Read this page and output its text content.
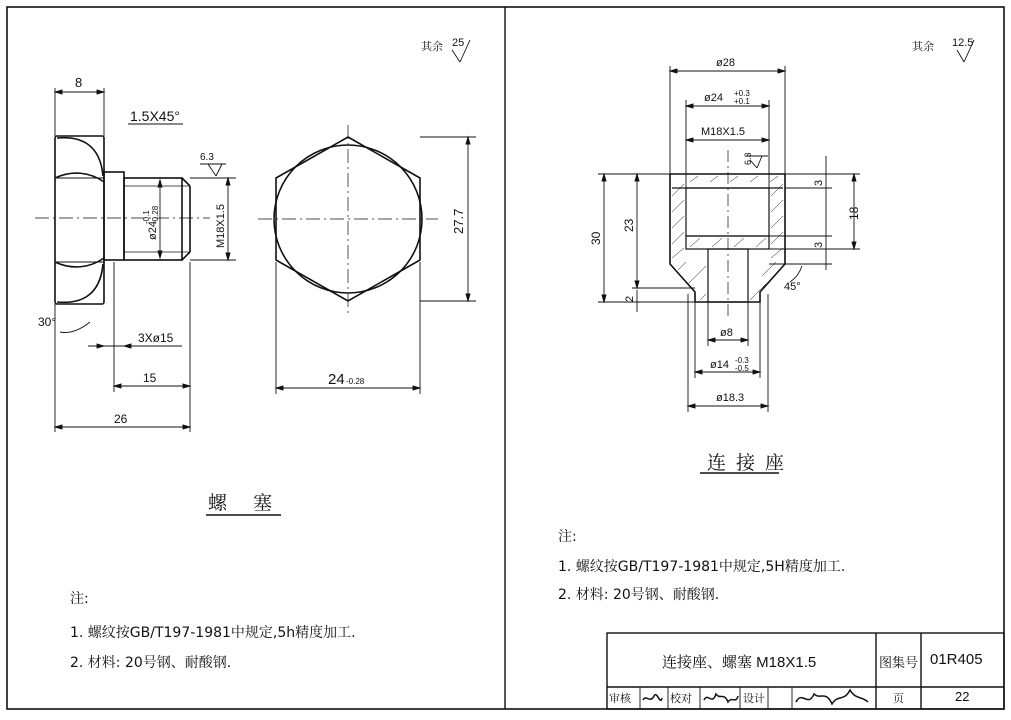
其余 25
8
1.5X45°
6.3
M18X1.5
ø24
-0.1 -0.28	27.7
30°
3Xø15
15
26
24 -0.28
其余 12.5
ø28
ø24 +0.3
+0.1
M18X1.5
6.3
30
23
2
3
18
3
45°
ø8
ø14 -0.3
-0.5
ø18.3
螺 塞
连接座
注:
1. 螺纹按GB/T197-1981中规定,5h精度加工.
2. 材料: 20号钢、耐酸钢.
注:
1. 螺纹按GB/T197-1981中规定,5H精度加工.
2. 材料: 20号钢、耐酸钢.
连接座、螺塞 M18X1.5	图集号 01R405
审核	校对	设计	页	22
